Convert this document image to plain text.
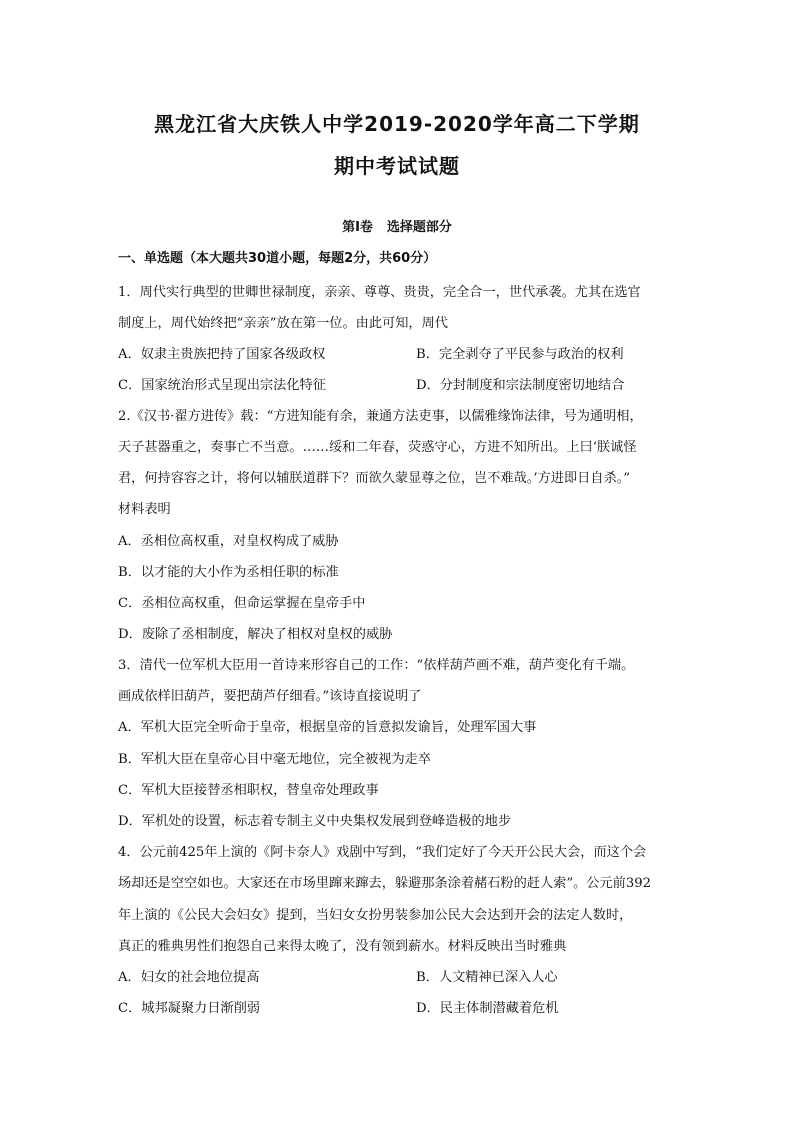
黑龙江省大庆铁人中学2019-2020学年高二下学期
期中考试试题
第Ⅰ卷 选择题部分
一、单选题（本大题共30道小题，每题2分，共60分）
1．周代实行典型的世卿世禄制度，亲亲、尊尊、贵贵，完全合一，世代承袭。尤其在选官
制度上，周代始终把“亲亲”放在第一位。由此可知，周代
A．奴隶主贵族把持了国家各级政权	B．完全剥夺了平民参与政治的权利
C．国家统治形式呈现出宗法化特征	D．分封制度和宗法制度密切地结合
2.《汉书·翟方进传》载：“方进知能有余，兼通方法吏事，以儒雅缘饰法律，号为通明相，
天子甚器重之，奏事亡不当意。……绥和二年春，荧惑守心，方进不知所出。上曰‘朕诚怪
君，何持容容之计，将何以辅朕道群下？而欲久蒙显尊之位，岂不难哉。’方进即日自杀。”
材料表明
A．丞相位高权重，对皇权构成了威胁
B．以才能的大小作为丞相任职的标准
C．丞相位高权重，但命运掌握在皇帝手中
D．废除了丞相制度，解决了相权对皇权的威胁
3．清代一位军机大臣用一首诗来形容自己的工作：“依样葫芦画不难，葫芦变化有千端。
画成依样旧葫芦，要把葫芦仔细看。”该诗直接说明了
A．军机大臣完全听命于皇帝，根据皇帝的旨意拟发谕旨，处理军国大事
B．军机大臣在皇帝心目中毫无地位，完全被视为走卒
C．军机大臣接替丞相职权，替皇帝处理政事
D．军机处的设置，标志着专制主义中央集权发展到登峰造极的地步
4．公元前425年上演的《阿卡奈人》戏剧中写到，“我们定好了今天开公民大会，而这个会
场却还是空空如也。大家还在市场里蹿来蹿去，躲避那条涂着赭石粉的赶人索”。公元前392
年上演的《公民大会妇女》提到，当妇女女扮男装参加公民大会达到开会的法定人数时，
真正的雅典男性们抱怨自己来得太晚了，没有领到薪水。材料反映出当时雅典
A．妇女的社会地位提高	B．人文精神已深入人心
C．城邦凝聚力日渐削弱	D．民主体制潜藏着危机
